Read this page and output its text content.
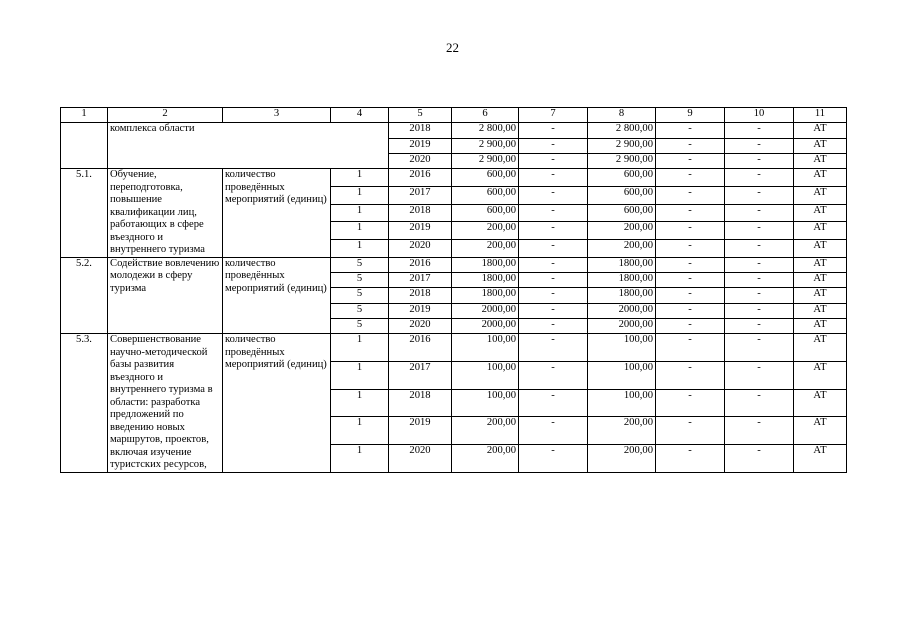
22
1	2	3	4	5	6	7	8	9	10	11
	комплекса области			2018	2 800,00	-	2 800,00	-	-	АТ
				2019	2 900,00	-	2 900,00	-	-	АТ
				2020	2 900,00	-	2 900,00	-	-	АТ
5.1.	Обучение, переподготовка, повышение квалификации лиц, работающих в сфере въездного и внутреннего туризма	количество проведённых мероприятий (единиц)	1	2016	600,00	-	600,00	-	-	АТ
			1	2017	600,00	-	600,00	-	-	АТ
			1	2018	600,00	-	600,00	-	-	АТ
			1	2019	200,00	-	200,00	-	-	АТ
			1	2020	200,00	-	200,00	-	-	АТ
5.2.	Содействие вовлечению молодежи в сферу туризма	количество проведённых мероприятий (единиц)	5	2016	1800,00	-	1800,00	-	-	АТ
			5	2017	1800,00	-	1800,00	-	-	АТ
			5	2018	1800,00	-	1800,00	-	-	АТ
			5	2019	2000,00	-	2000,00	-	-	АТ
			5	2020	2000,00	-	2000,00	-	-	АТ
5.3.	Совершенствование научно-методической базы развития въездного и внутреннего туризма в области: разработка предложений по введению новых маршрутов, проектов, включая изучение туристских ресурсов,	количество проведённых мероприятий (единиц)	1	2016	100,00	-	100,00	-	-	АТ
			1	2017	100,00	-	100,00	-	-	АТ
			1	2018	100,00	-	100,00	-	-	АТ
			1	2019	200,00	-	200,00	-	-	АТ
			1	2020	200,00	-	200,00	-	-	АТ
